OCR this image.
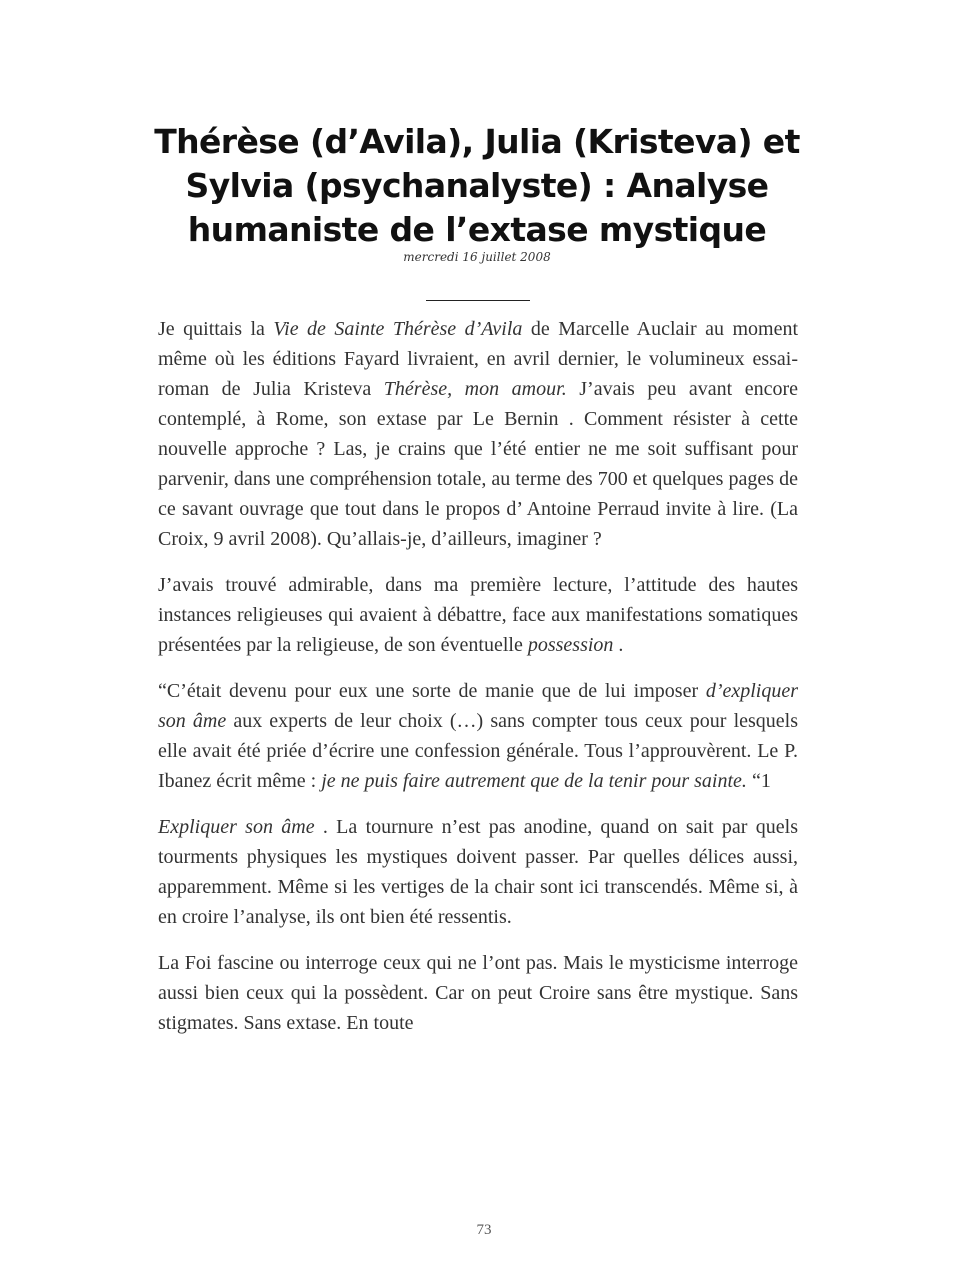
Thérèse (d’Avila), Julia (Kristeva) et Sylvia (psychanalyste) : Analyse humaniste de l’extase mystique
mercredi 16 juillet 2008

Je quittais la Vie de Sainte Thérèse d’Avila de Marcelle Auclair au moment même où les éditions Fayard livraient, en avril dernier, le volumineux essai-roman de Julia Kristeva Thérèse, mon amour. J’avais peu avant encore contemplé, à Rome, son extase par Le Bernin . Comment résister à cette nouvelle approche ? Las, je crains que l’été entier ne me soit suffisant pour parvenir, dans une compréhension totale, au terme des 700 et quelques pages de ce savant ouvrage que tout dans le propos d’ Antoine Perraud invite à lire. (La Croix, 9 avril 2008). Qu’allais-je, d’ailleurs, imaginer ?

J’avais trouvé admirable, dans ma première lecture, l’attitude des hautes instances religieuses qui avaient à débattre, face aux manifestations somatiques présentées par la religieuse, de son éventuelle possession .

“C’était devenu pour eux une sorte de manie que de lui imposer d’expliquer son âme aux experts de leur choix (…) sans compter tous ceux pour lesquels elle avait été priée d’écrire une confession générale. Tous l’approuvèrent. Le P. Ibanez écrit même : je ne puis faire autrement que de la tenir pour sainte. “1

Expliquer son âme . La tournure n’est pas anodine, quand on sait par quels tourments physiques les mystiques doivent passer. Par quelles délices aussi, apparemment. Même si les vertiges de la chair sont ici transcendés. Même si, à en croire l’analyse, ils ont bien été ressentis.

La Foi fascine ou interroge ceux qui ne l’ont pas. Mais le mysticisme interroge aussi bien ceux qui la possèdent. Car on peut Croire sans être mystique. Sans stigmates. Sans extase. En toute

73
